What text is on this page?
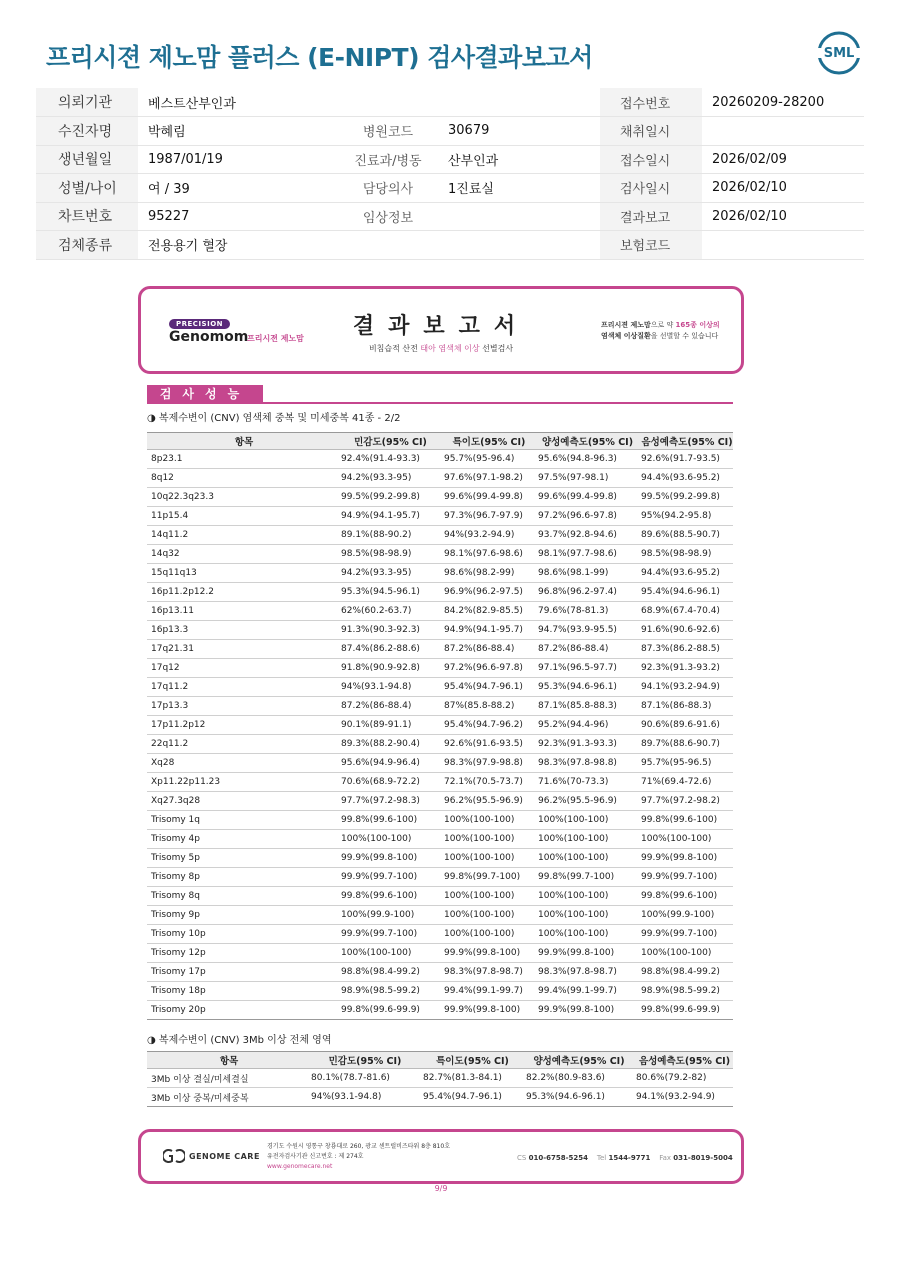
프리시젼 제노맘 플러스 (E-NIPT) 검사결과보고서	SML
의뢰기관	베스트산부인과			접수번호	20260209-28200
수진자명	박혜림	병원코드	30679	채취일시	
생년월일	1987/01/19	진료과/병동	산부인과	접수일시	2026/02/09
성별/나이	여 / 39	담당의사	1진료실	검사일시	2026/02/10
차트번호	95227	임상정보		결과보고	2026/02/10
검체종류	전용용기 혈장			보험코드	
PRECISION
Genomom
프리시젼 제노맘	결과보고서
비침습적 산전 태아 염색체 이상 선별검사
프리시젼 제노맘으로 약 165종 이상의
염색체 이상질환을 선별할 수 있습니다
검사성능
◑ 복제수변이 (CNV) 염색체 중복 및 미세중복 41종 - 2/2
항목	민감도(95% CI)	특이도(95% CI)	양성예측도(95% CI)	음성예측도(95% CI)
8p23.1	92.4%(91.4-93.3)	95.7%(95-96.4)	95.6%(94.8-96.3)	92.6%(91.7-93.5)
8q12	94.2%(93.3-95)	97.6%(97.1-98.2)	97.5%(97-98.1)	94.4%(93.6-95.2)
10q22.3q23.3	99.5%(99.2-99.8)	99.6%(99.4-99.8)	99.6%(99.4-99.8)	99.5%(99.2-99.8)
11p15.4	94.9%(94.1-95.7)	97.3%(96.7-97.9)	97.2%(96.6-97.8)	95%(94.2-95.8)
14q11.2	89.1%(88-90.2)	94%(93.2-94.9)	93.7%(92.8-94.6)	89.6%(88.5-90.7)
14q32	98.5%(98-98.9)	98.1%(97.6-98.6)	98.1%(97.7-98.6)	98.5%(98-98.9)
15q11q13	94.2%(93.3-95)	98.6%(98.2-99)	98.6%(98.1-99)	94.4%(93.6-95.2)
16p11.2p12.2	95.3%(94.5-96.1)	96.9%(96.2-97.5)	96.8%(96.2-97.4)	95.4%(94.6-96.1)
16p13.11	62%(60.2-63.7)	84.2%(82.9-85.5)	79.6%(78-81.3)	68.9%(67.4-70.4)
16p13.3	91.3%(90.3-92.3)	94.9%(94.1-95.7)	94.7%(93.9-95.5)	91.6%(90.6-92.6)
17q21.31	87.4%(86.2-88.6)	87.2%(86-88.4)	87.2%(86-88.4)	87.3%(86.2-88.5)
17q12	91.8%(90.9-92.8)	97.2%(96.6-97.8)	97.1%(96.5-97.7)	92.3%(91.3-93.2)
17q11.2	94%(93.1-94.8)	95.4%(94.7-96.1)	95.3%(94.6-96.1)	94.1%(93.2-94.9)
17p13.3	87.2%(86-88.4)	87%(85.8-88.2)	87.1%(85.8-88.3)	87.1%(86-88.3)
17p11.2p12	90.1%(89-91.1)	95.4%(94.7-96.2)	95.2%(94.4-96)	90.6%(89.6-91.6)
22q11.2	89.3%(88.2-90.4)	92.6%(91.6-93.5)	92.3%(91.3-93.3)	89.7%(88.6-90.7)
Xq28	95.6%(94.9-96.4)	98.3%(97.9-98.8)	98.3%(97.8-98.8)	95.7%(95-96.5)
Xp11.22p11.23	70.6%(68.9-72.2)	72.1%(70.5-73.7)	71.6%(70-73.3)	71%(69.4-72.6)
Xq27.3q28	97.7%(97.2-98.3)	96.2%(95.5-96.9)	96.2%(95.5-96.9)	97.7%(97.2-98.2)
Trisomy 1q	99.8%(99.6-100)	100%(100-100)	100%(100-100)	99.8%(99.6-100)
Trisomy 4p	100%(100-100)	100%(100-100)	100%(100-100)	100%(100-100)
Trisomy 5p	99.9%(99.8-100)	100%(100-100)	100%(100-100)	99.9%(99.8-100)
Trisomy 8p	99.9%(99.7-100)	99.8%(99.7-100)	99.8%(99.7-100)	99.9%(99.7-100)
Trisomy 8q	99.8%(99.6-100)	100%(100-100)	100%(100-100)	99.8%(99.6-100)
Trisomy 9p	100%(99.9-100)	100%(100-100)	100%(100-100)	100%(99.9-100)
Trisomy 10p	99.9%(99.7-100)	100%(100-100)	100%(100-100)	99.9%(99.7-100)
Trisomy 12p	100%(100-100)	99.9%(99.8-100)	99.9%(99.8-100)	100%(100-100)
Trisomy 17p	98.8%(98.4-99.2)	98.3%(97.8-98.7)	98.3%(97.8-98.7)	98.8%(98.4-99.2)
Trisomy 18p	98.9%(98.5-99.2)	99.4%(99.1-99.7)	99.4%(99.1-99.7)	98.9%(98.5-99.2)
Trisomy 20p	99.8%(99.6-99.9)	99.9%(99.8-100)	99.9%(99.8-100)	99.8%(99.6-99.9)
◑ 복제수변이 (CNV) 3Mb 이상 전체 영역
항목	민감도(95% CI)	특이도(95% CI)	양성예측도(95% CI)	음성예측도(95% CI)
3Mb 이상 결실/미세결실	80.1%(78.7-81.6)	82.7%(81.3-84.1)	82.2%(80.9-83.6)	80.6%(79.2-82)
3Mb 이상 중복/미세중복	94%(93.1-94.8)	95.4%(94.7-96.1)	95.3%(94.6-96.1)	94.1%(93.2-94.9)
GENOME CARE
경기도 수원시 영통구 창룡대로 260, 광교 센트럴비즈타워 8층 810호
유전자검사기관 신고번호 : 제 274호
www.genomecare.net
CS 010-6758-5254 Tel 1544-9771 Fax 031-8019-5004
9/9
